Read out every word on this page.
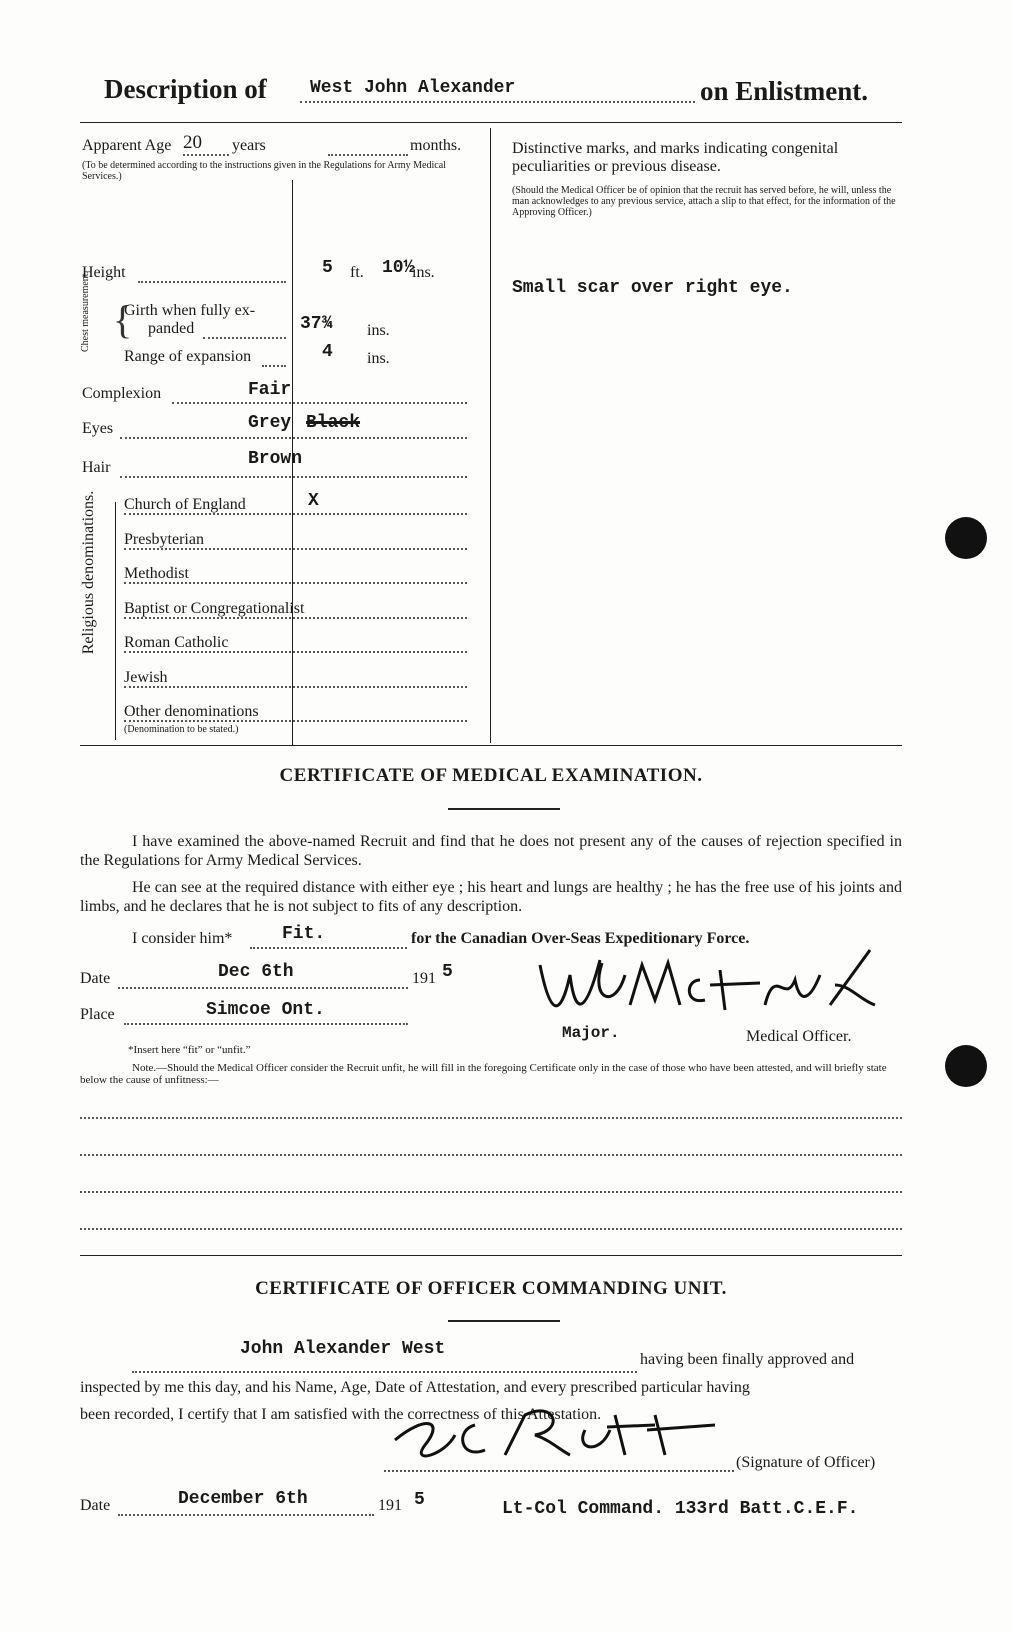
Description of West John Alexander	on Enlistment.
Apparent Age 20 years	months.
(To be determined according to the instructions given in the Regulations for Army Medical Services.)
Height	5 ft. 10½
ins.
Chest measurement. {
Girth when fully ex-
panded	37¾ ins.
Range of expansion	4 ins.
Complexion	Fair
Eyes	Grey Black
Hair	Brown
Religious denominations. Church of England	X
Presbyterian
Methodist
Baptist or Congregationalist
Roman Catholic
Jewish
Other denominations
(Denomination to be stated.)
Distinctive marks, and marks indicating congenital peculiarities or previous disease.
(Should the Medical Officer be of opinion that the recruit has served before, he will, unless the man acknowledges to any previous service, attach a slip to that effect, for the information of the Approving Officer.)
Small scar over right eye.
CERTIFICATE OF MEDICAL EXAMINATION.
I have examined the above-named Recruit and find that he does not present any of the causes of rejection specified in the Regulations for Army Medical Services.
He can see at the required distance with either eye ; his heart and lungs are healthy ; he has the free use of his joints and limbs, and he declares that he is not subject to fits of any description.
I consider him*	Fit.	for the Canadian Over-Seas Expeditionary Force.
Date	Dec 6th	191 5
Place	Simcoe Ont.
Major.	Medical Officer.
*Insert here “fit” or “unfit.”
Note.—Should the Medical Officer consider the Recruit unfit, he will fill in the foregoing Certificate only in the case of those who have been attested, and will briefly state below the cause of unfitness:—
CERTIFICATE OF OFFICER COMMANDING UNIT.
John Alexander West
having been finally approved and
inspected by me this day, and his Name, Age, Date of Attestation, and every prescribed particular having
been recorded, I certify that I am satisfied with the correctness of this Attestation.
(Signature of Officer)
Date	December 6th	191 5	Lt-Col Command. 133rd Batt.C.E.F.
